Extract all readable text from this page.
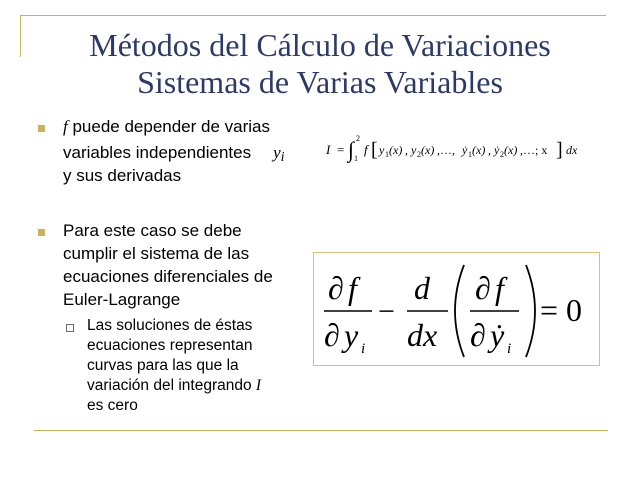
Métodos del Cálculo de Variaciones
Sistemas de Varias Variables
f puede depender de varias
variables independientes yi
y sus derivadas
I = ∫ 2
1
f [ y 1 (x) , y 2 (x) ,…, ẏ 1 (x) , ẏ 2 (x) ,…; x ] dx
Para este caso se debe
cumplir el sistema de las
ecuaciones diferenciales de
Euler-Lagrange
Las soluciones de éstas
ecuaciones representan
curvas para las que la
variación del integrando I
es cero
∂ f
∂ y i
−
d
dx
∂ f
∂ ẏ i
= 0
